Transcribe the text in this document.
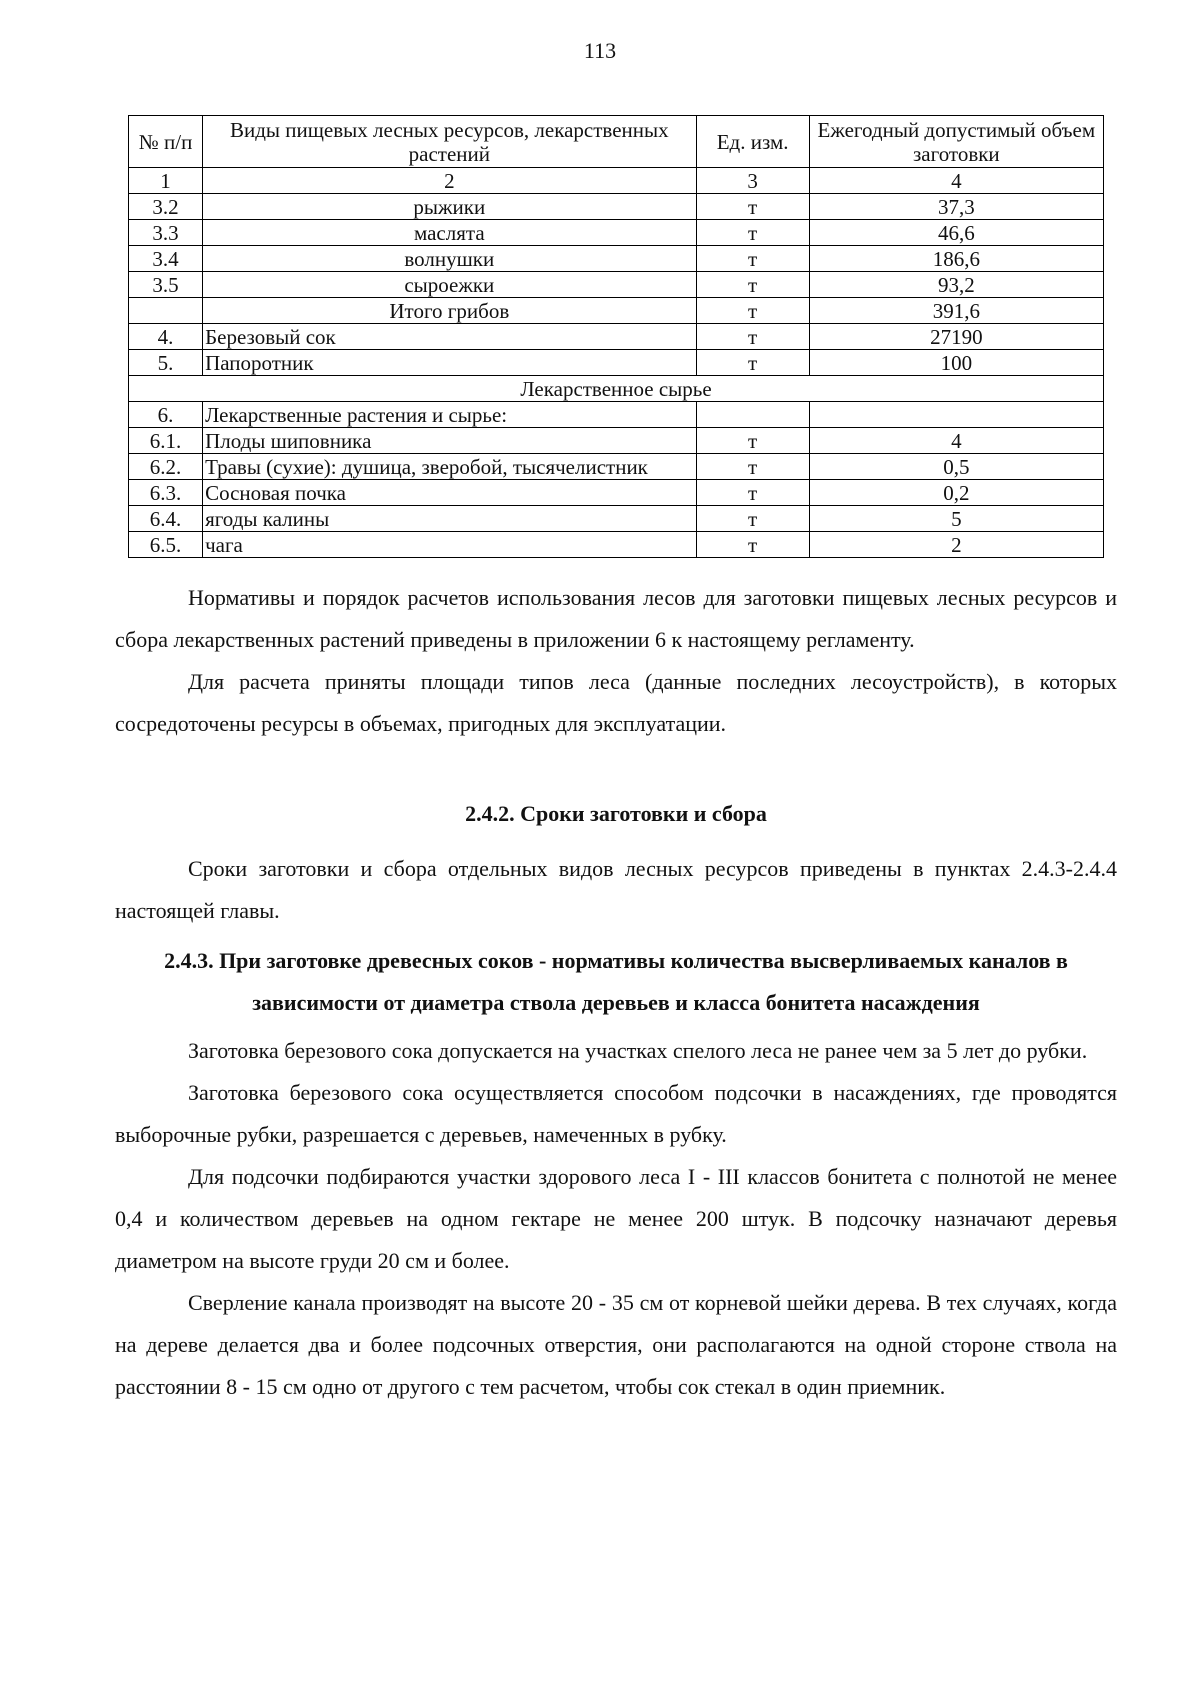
113
№ п/п	Виды пищевых лесных ресурсов, лекарственных растений	Ед. изм.	Ежегодный допустимый объем заготовки
1	2	3	4
3.2	рыжики	т	37,3
3.3	маслята	т	46,6
3.4	волнушки	т	186,6
3.5	сыроежки	т	93,2
	Итого грибов	т	391,6
4.	Березовый сок	т	27190
5.	Папоротник	т	100
Лекарственное сырье			
6.	Лекарственные растения и сырье:		
6.1.	Плоды шиповника	т	4
6.2.	Травы (сухие): душица, зверобой, тысячелистник	т	0,5
6.3.	Сосновая почка	т	0,2
6.4.	ягоды калины	т	5
6.5.	чага	т	2

Нормативы и порядок расчетов использования лесов для заготовки пищевых лесных ресурсов и сбора лекарственных растений приведены в приложении 6 к настоящему регламенту.

Для расчета приняты площади типов леса (данные последних лесоустройств), в которых сосредоточены ресурсы в объемах, пригодных для эксплуатации.

2.4.2. Сроки заготовки и сбора

Сроки заготовки и сбора отдельных видов лесных ресурсов приведены в пунктах 2.4.3-2.4.4 настоящей главы.

2.4.3. При заготовке древесных соков - нормативы количества высверливаемых каналов в зависимости от диаметра ствола деревьев и класса бонитета насаждения

Заготовка березового сока допускается на участках спелого леса не ранее чем за 5 лет до рубки.

Заготовка березового сока осуществляется способом подсочки в насаждениях, где проводятся выборочные рубки, разрешается с деревьев, намеченных в рубку.

Для подсочки подбираются участки здорового леса I - III классов бонитета с полнотой не менее 0,4 и количеством деревьев на одном гектаре не менее 200 штук. В подсочку назначают деревья диаметром на высоте груди 20 см и более.

Сверление канала производят на высоте 20 - 35 см от корневой шейки дерева. В тех случаях, когда на дереве делается два и более подсочных отверстия, они располагаются на одной стороне ствола на расстоянии 8 - 15 см одно от другого с тем расчетом, чтобы сок стекал в один приемник.
